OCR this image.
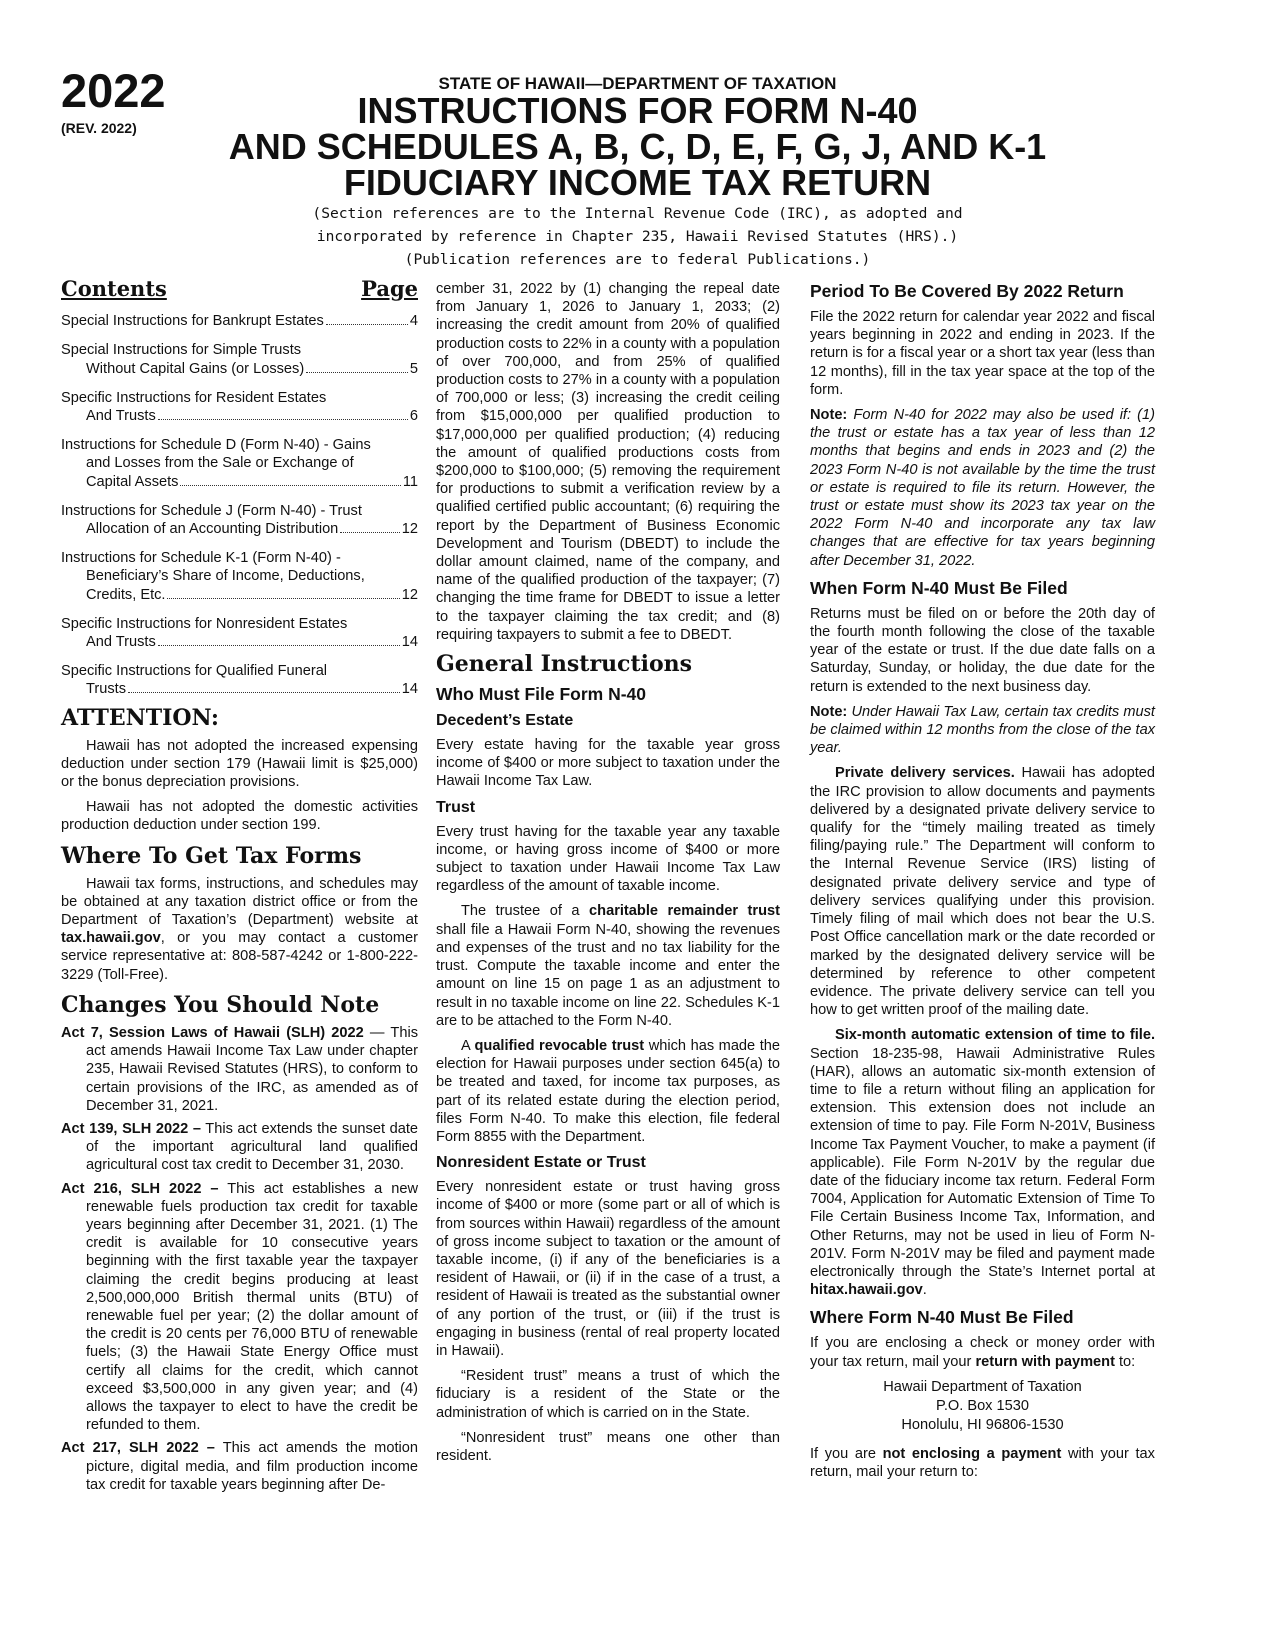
2022
(REV. 2022)
STATE OF HAWAII—DEPARTMENT OF TAXATION
INSTRUCTIONS FOR FORM N-40
AND SCHEDULES A, B, C, D, E, F, G, J, AND K-1
FIDUCIARY INCOME TAX RETURN
(Section references are to the Internal Revenue Code (IRC), as adopted and
incorporated by reference in Chapter 235, Hawaii Revised Statutes (HRS).)
(Publication references are to federal Publications.)
Contents	Page
Special Instructions for Bankrupt Estates	4
Special Instructions for Simple Trusts
Without Capital Gains (or Losses)	5
Specific Instructions for Resident Estates
And Trusts	6
Instructions for Schedule D (Form N-40) - Gains
and Losses from the Sale or Exchange of
Capital Assets	11
Instructions for Schedule J (Form N-40) - Trust
Allocation of an Accounting Distribution	12
Instructions for Schedule K-1 (Form N-40) -
Beneficiary’s Share of Income, Deductions,
Credits, Etc.	12
Specific Instructions for Nonresident Estates
And Trusts	14
Specific Instructions for Qualified Funeral
Trusts	14
ATTENTION:

Hawaii has not adopted the increased expensing deduction under section 179 (Hawaii limit is $25,000) or the bonus depreciation provisions.

Hawaii has not adopted the domestic activities production deduction under section 199.

Where To Get Tax Forms

Hawaii tax forms, instructions, and schedules may be obtained at any taxation district office or from the Department of Taxation’s (Department) website at tax.hawaii.gov, or you may contact a customer service representative at: 808-587-4242 or 1-800-222-3229 (Toll-Free).

Changes You Should Note

Act 7, Session Laws of Hawaii (SLH) 2022 — This act amends Hawaii Income Tax Law under chapter 235, Hawaii Revised Statutes (HRS), to conform to certain provisions of the IRC, as amended as of December 31, 2021.

Act 139, SLH 2022 – This act extends the sunset date of the important agricultural land qualified agricultural cost tax credit to December 31, 2030.

Act 216, SLH 2022 – This act establishes a new renewable fuels production tax credit for taxable years beginning after December 31, 2021. (1) The credit is available for 10 consecutive years beginning with the first taxable year the taxpayer claiming the credit begins producing at least 2,500,000,000 British thermal units (BTU) of renewable fuel per year; (2) the dollar amount of the credit is 20 cents per 76,000 BTU of renewable fuels; (3) the Hawaii State Energy Office must certify all claims for the credit, which cannot exceed $3,500,000 in any given year; and (4) allows the taxpayer to elect to have the credit be refunded to them.

Act 217, SLH 2022 – This act amends the motion picture, digital media, and film production income tax credit for taxable years beginning after De-

cember 31, 2022 by (1) changing the repeal date from January 1, 2026 to January 1, 2033; (2) increasing the credit amount from 20% of qualified production costs to 22% in a county with a population of over 700,000, and from 25% of qualified production costs to 27% in a county with a population of 700,000 or less; (3) increasing the credit ceiling from $15,000,000 per qualified production to $17,000,000 per qualified production; (4) reducing the amount of qualified productions costs from $200,000 to $100,000; (5) removing the requirement for productions to submit a verification review by a qualified certified public accountant; (6) requiring the report by the Department of Business Economic Development and Tourism (DBEDT) to include the dollar amount claimed, name of the company, and name of the qualified production of the taxpayer; (7) changing the time frame for DBEDT to issue a letter to the taxpayer claiming the tax credit; and (8) requiring taxpayers to submit a fee to DBEDT.

General Instructions
Who Must File Form N-40
Decedent’s Estate

Every estate having for the taxable year gross income of $400 or more subject to taxation under the Hawaii Income Tax Law.

Trust

Every trust having for the taxable year any taxable income, or having gross income of $400 or more subject to taxation under Hawaii Income Tax Law regardless of the amount of taxable income.

The trustee of a charitable remainder trust shall file a Hawaii Form N-40, showing the revenues and expenses of the trust and no tax liability for the trust. Compute the taxable income and enter the amount on line 15 on page 1 as an adjustment to result in no taxable income on line 22. Schedules K-1 are to be attached to the Form N-40.

A qualified revocable trust which has made the election for Hawaii purposes under section 645(a) to be treated and taxed, for income tax purposes, as part of its related estate during the election period, files Form N-40. To make this election, file federal Form 8855 with the Department.

Nonresident Estate or Trust

Every nonresident estate or trust having gross income of $400 or more (some part or all of which is from sources within Hawaii) regardless of the amount of gross income subject to taxation or the amount of taxable income, (i) if any of the beneficiaries is a resident of Hawaii, or (ii) if in the case of a trust, a resident of Hawaii is treated as the substantial owner of any portion of the trust, or (iii) if the trust is engaging in business (rental of real property located in Hawaii).

“Resident trust” means a trust of which the fiduciary is a resident of the State or the administration of which is carried on in the State.

“Nonresident trust” means one other than resident.

Period To Be Covered By 2022 Return

File the 2022 return for calendar year 2022 and fiscal years beginning in 2022 and ending in 2023. If the return is for a fiscal year or a short tax year (less than 12 months), fill in the tax year space at the top of the form.

Note: Form N-40 for 2022 may also be used if: (1) the trust or estate has a tax year of less than 12 months that begins and ends in 2023 and (2) the 2023 Form N-40 is not available by the time the trust or estate is required to file its return. However, the trust or estate must show its 2023 tax year on the 2022 Form N-40 and incorporate any tax law changes that are effective for tax years beginning after December 31, 2022.

When Form N-40 Must Be Filed

Returns must be filed on or before the 20th day of the fourth month following the close of the taxable year of the estate or trust. If the due date falls on a Saturday, Sunday, or holiday, the due date for the return is extended to the next business day.

Note: Under Hawaii Tax Law, certain tax credits must be claimed within 12 months from the close of the tax year.

Private delivery services. Hawaii has adopted the IRC provision to allow documents and payments delivered by a designated private delivery service to qualify for the “timely mailing treated as timely filing/paying rule.” The Department will conform to the Internal Revenue Service (IRS) listing of designated private delivery service and type of delivery services qualifying under this provision. Timely filing of mail which does not bear the U.S. Post Office cancellation mark or the date recorded or marked by the designated delivery service will be determined by reference to other competent evidence. The private delivery service can tell you how to get written proof of the mailing date.

Six-month automatic extension of time to file. Section 18-235-98, Hawaii Administrative Rules (HAR), allows an automatic six-month extension of time to file a return without filing an application for extension. This extension does not include an extension of time to pay. File Form N-201V, Business Income Tax Payment Voucher, to make a payment (if applicable). File Form N-201V by the regular due date of the fiduciary income tax return. Federal Form 7004, Application for Automatic Extension of Time To File Certain Business Income Tax, Information, and Other Returns, may not be used in lieu of Form N-201V. Form N-201V may be filed and payment made electronically through the State’s Internet portal at hitax.hawaii.gov.

Where Form N-40 Must Be Filed

If you are enclosing a check or money order with your tax return, mail your return with payment to:

Hawaii Department of Taxation
P.O. Box 1530
Honolulu, HI 96806-1530

If you are not enclosing a payment with your tax return, mail your return to:
